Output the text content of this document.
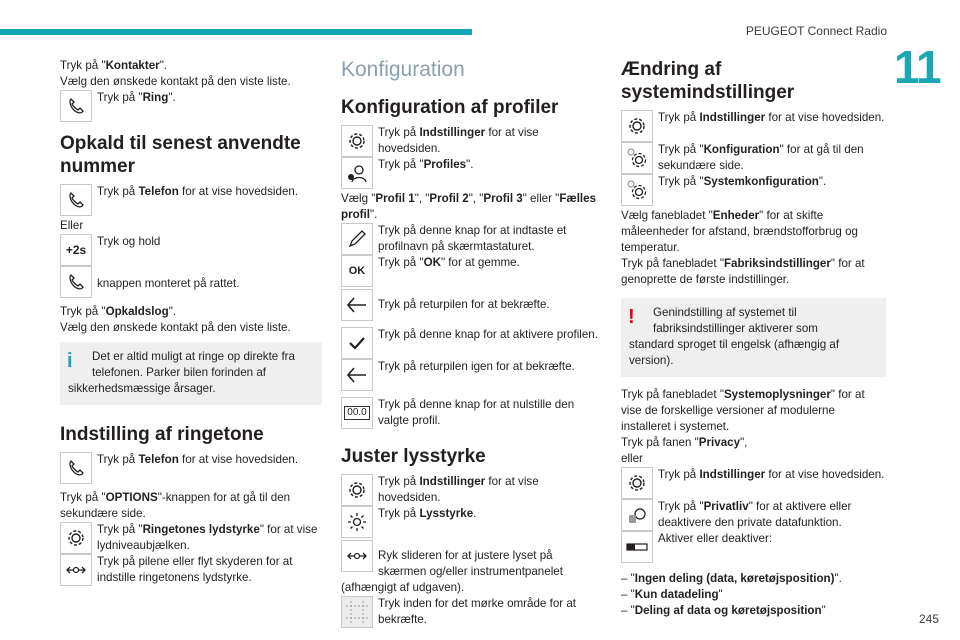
PEUGEOT Connect Radio
11
245

Tryk på "Kontakter".

Vælg den ønskede kontakt på den viste liste.

Tryk på "Ring".

Opkald til senest anvendte nummer

Tryk på Telefon for at vise hovedsiden.

Eller

+2s

Tryk og hold

knappen monteret på rattet.

Tryk på "Opkaldslog".

Vælg den ønskede kontakt på den viste liste.

i	Det er altid muligt at ringe op direkte fra telefonen. Parker bilen forinden af

sikkerhedsmæssige årsager.

Indstilling af ringetone

Tryk på Telefon for at vise hovedsiden.

Tryk på "OPTIONS"-knappen for at gå til den sekundære side.

Tryk på "Ringetones lydstyrke" for at vise lydniveaubjælken.

Tryk på pilene eller flyt skyderen for at indstille ringetonens lydstyrke.

Konfiguration
Konfiguration af profiler

Tryk på Indstillinger for at vise hovedsiden.

Tryk på "Profiles".

Vælg "Profil 1", "Profil 2", "Profil 3" eller "Fælles profil".

Tryk på denne knap for at indtaste et profilnavn på skærmtastaturet.

OK

Tryk på "OK" for at gemme.

Tryk på returpilen for at bekræfte.

Tryk på denne knap for at aktivere profilen.

Tryk på returpilen igen for at bekræfte.

00.0

Tryk på denne knap for at nulstille den valgte profil.

Juster lysstyrke

Tryk på Indstillinger for at vise hovedsiden.

Tryk på Lysstyrke.

Ryk slideren for at justere lyset på skærmen og/eller instrumentpanelet

(afhængigt af udgaven).

Tryk inden for det mørke område for at bekræfte.

Ændring af systemindstillinger

Tryk på Indstillinger for at vise hovedsiden.

Tryk på "Konfiguration" for at gå til den sekundære side.

Tryk på "Systemkonfiguration".

Vælg fanebladet "Enheder" for at skifte måleenheder for afstand, brændstofforbrug og temperatur.

Tryk på fanebladet "Fabriksindstillinger" for at genoprette de første indstillinger.

!	Genindstilling af systemet til fabriksindstillinger aktiverer som

standard sproget til engelsk (afhængig af version).

Tryk på fanebladet "Systemoplysninger" for at vise de forskellige versioner af modulerne installeret i systemet.

Tryk på fanen "Privacy",

eller

Tryk på Indstillinger for at vise hovedsiden.

Tryk på "Privatliv" for at aktivere eller deaktivere den private datafunktion.

Aktiver eller deaktiver:

– "Ingen deling (data, køretøjsposition)".

– "Kun datadeling"

– "Deling af data og køretøjsposition"
